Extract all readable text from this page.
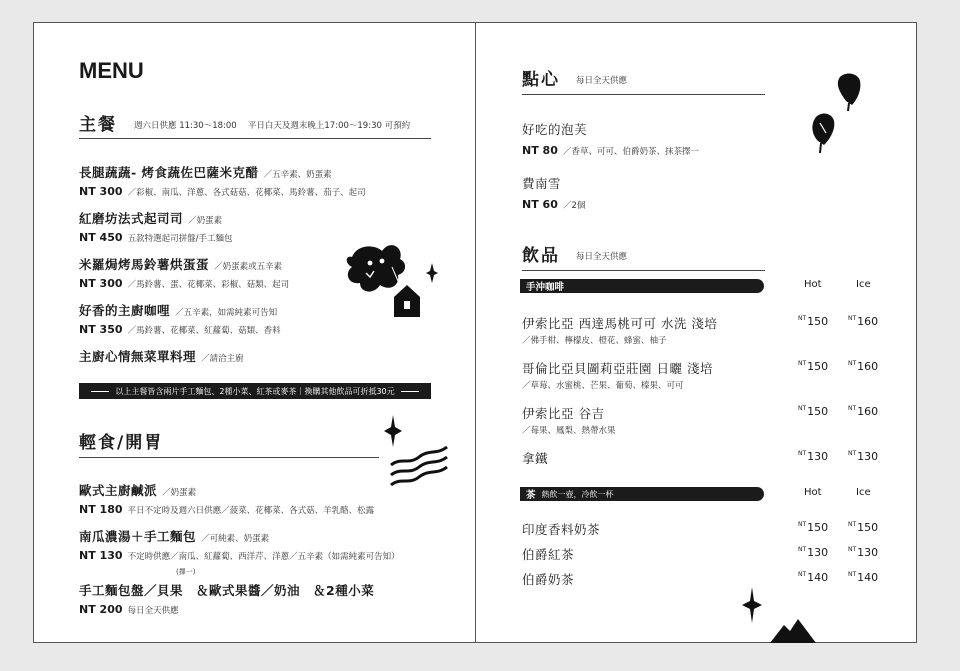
MENU
主餐 週六日供應 11:30～18:00　 平日白天及週末晚上17:00～19:30 可預約
長腿蔬蔬- 烤食蔬佐巴薩米克醋 ／五辛素、奶蛋素
NT 300 ／彩椒、南瓜、洋蔥、各式菇菇、花椰菜、馬鈴薯、茄子、起司
紅磨坊法式起司司 ／奶蛋素
NT 450 五款特選起司拼盤/手工麵包
米羅焗烤馬鈴薯烘蛋蛋 ／奶蛋素或五辛素
NT 300 ／馬鈴薯、蛋、花椰菜、彩椒、菇類、起司
好香的主廚咖哩 ／五辛素，如需純素可告知
NT 350 ／馬鈴薯、花椰菜、紅蘿蔔、菇類、香料
主廚心情無菜單料理 ／請洽主廚
以上主餐皆含兩片手工麵包、2種小菜、紅茶或麥茶｜換購其他飲品可折抵30元
輕食/開胃
歐式主廚鹹派 ／奶蛋素
NT 180 平日不定時及週六日供應／菠菜、花椰菜、各式菇、羊乳酪、松露
南瓜濃湯＋手工麵包 ／可純素、奶蛋素
NT 130 不定時供應／南瓜、紅蘿蔔、西洋芹、洋蔥／五辛素（如需純素可告知）
(擇一)
手工麵包盤／貝果　＆歐式果醬／奶油　＆2種小菜
NT 200 每日全天供應
點心 每日全天供應
好吃的泡芙
NT 80 ／香草、可可、伯爵奶茶、抹茶擇一
費南雪
NT 60 ／2個
飲品 每日全天供應
手沖咖啡	Hot	Ice
伊索比亞 西達馬桃可可 水洗 淺培
／佛手柑、檸檬皮、橙花、蜂蜜、柚子
$^{NT}$150	$^{NT}$160
哥倫比亞貝圖莉亞莊園 日曬 淺培
／草莓、水蜜桃、芒果、葡萄、榛果、可可
$^{NT}$150	$^{NT}$160
伊索比亞 谷吉
／莓果、鳳梨、熱帶水果
$^{NT}$150	$^{NT}$160
拿鐵	$^{NT}$130	$^{NT}$130
茶 熱飲一壺，冷飲一杯	Hot	Ice
印度香料奶茶	$^{NT}$150	$^{NT}$150
伯爵紅茶	$^{NT}$130	$^{NT}$130
伯爵奶茶	$^{NT}$140	$^{NT}$140
